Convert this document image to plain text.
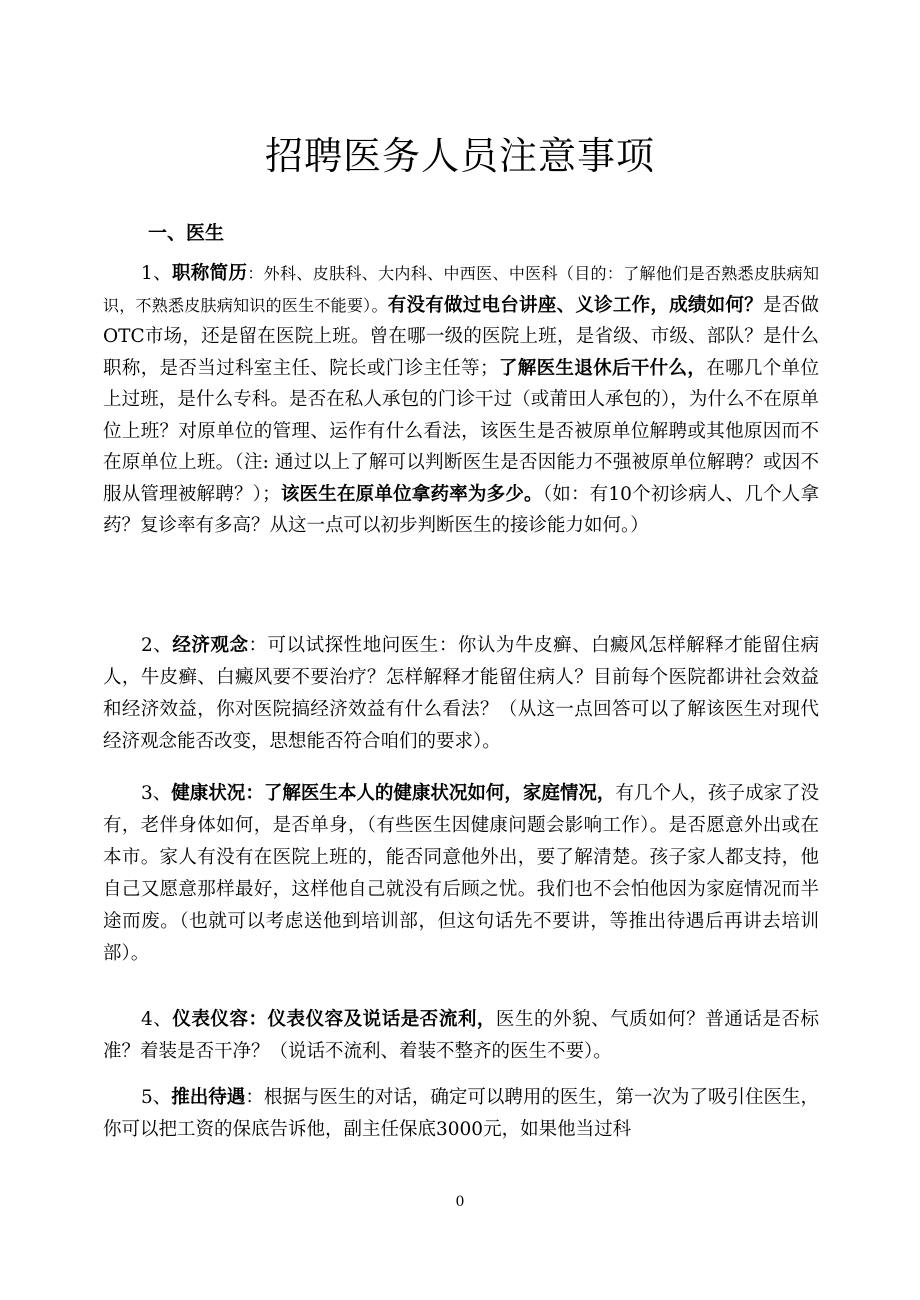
招聘医务人员注意事项
一、医生

1、职称简历：外科、皮肤科、大内科、中西医、中医科（目的：了解他们是否熟悉皮肤病知识，不熟悉皮肤病知识的医生不能要）。有没有做过电台讲座、义诊工作，成绩如何？是否做OTC市场，还是留在医院上班。曾在哪一级的医院上班，是省级、市级、部队？是什么职称，是否当过科室主任、院长或门诊主任等；了解医生退休后干什么，在哪几个单位上过班，是什么专科。是否在私人承包的门诊干过（或莆田人承包的），为什么不在原单位上班？对原单位的管理、运作有什么看法，该医生是否被原单位解聘或其他原因而不在原单位上班。（注: 通过以上了解可以判断医生是否因能力不强被原单位解聘？或因不服从管理被解聘？）；该医生在原单位拿药率为多少。（如：有10个初诊病人、几个人拿药？复诊率有多高？从这一点可以初步判断医生的接诊能力如何。）

2、经济观念：可以试探性地问医生：你认为牛皮癣、白癜风怎样解释才能留住病人，牛皮癣、白癜风要不要治疗？怎样解释才能留住病人？目前每个医院都讲社会效益和经济效益，你对医院搞经济效益有什么看法？（从这一点回答可以了解该医生对现代经济观念能否改变，思想能否符合咱们的要求）。

3、健康状况：了解医生本人的健康状况如何，家庭情况，有几个人，孩子成家了没有，老伴身体如何，是否单身，（有些医生因健康问题会影响工作）。是否愿意外出或在本市。家人有没有在医院上班的，能否同意他外出，要了解清楚。孩子家人都支持，他自己又愿意那样最好，这样他自己就没有后顾之忧。我们也不会怕他因为家庭情况而半途而废。（也就可以考虑送他到培训部，但这句话先不要讲，等推出待遇后再讲去培训部）。

4、仪表仪容：仪表仪容及说话是否流利，医生的外貌、气质如何？普通话是否标准？着装是否干净？（说话不流利、着装不整齐的医生不要）。

5、推出待遇：根据与医生的对话，确定可以聘用的医生，第一次为了吸引住医生，你可以把工资的保底告诉他，副主任保底3000元，如果他当过科

0
